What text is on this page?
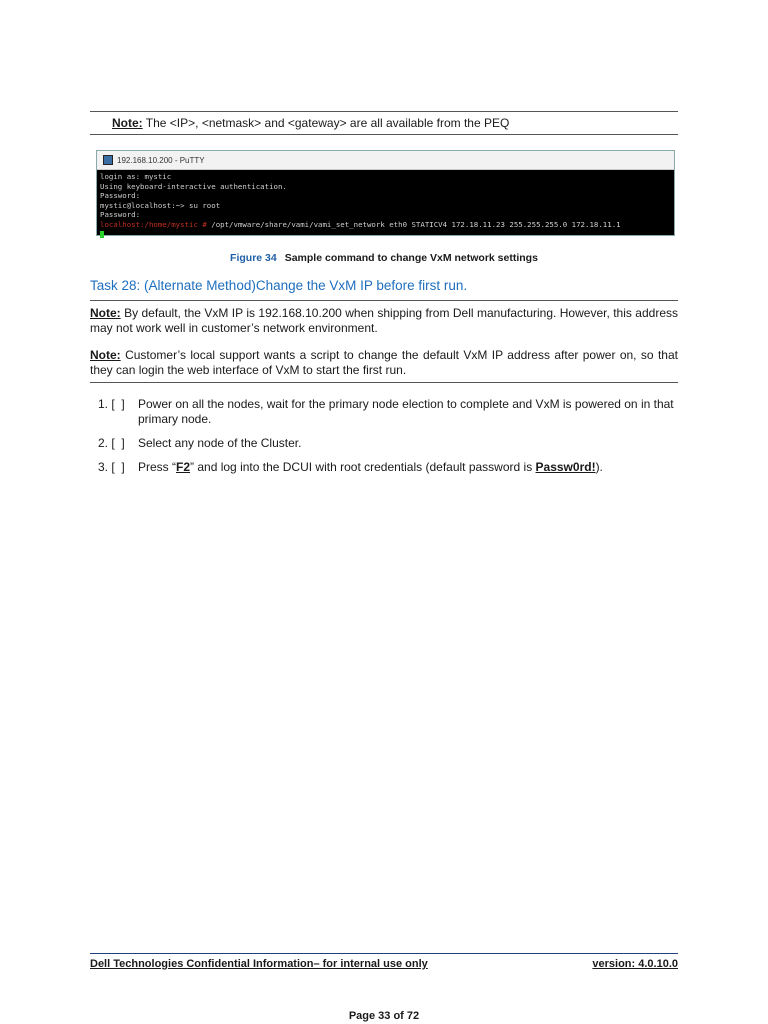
Note: The <IP>, <netmask> and <gateway> are all available from the PEQ

192.168.10.200 - PuTTY
login as: mystic
Using keyboard-interactive authentication.
Password:
mystic@localhost:~> su root
Password:
localhost:/home/mystic # /opt/vmware/share/vami/vami_set_network eth0 STATICV4 172.18.11.23 255.255.255.0 172.18.11.1
Figure 34 Sample command to change VxM network settings
Task 28: (Alternate Method)Change the VxM IP before first run.

Note: By default, the VxM IP is 192.168.10.200 when shipping from Dell manufacturing. However, this address may not work well in customer’s network environment.

Note: Customer’s local support wants a script to change the default VxM IP address after power on, so that they can login the web interface of VxM to start the first run.

1. [  ]	Power on all the nodes, wait for the primary node election to complete and VxM is powered on in that primary node.
2. [  ]	Select any node of the Cluster.
3. [  ]	Press “F2” and log into the DCUI with root credentials (default password is Passw0rd!).
Dell Technologies Confidential Information– for internal use only	version: 4.0.10.0
Page 33 of 72
